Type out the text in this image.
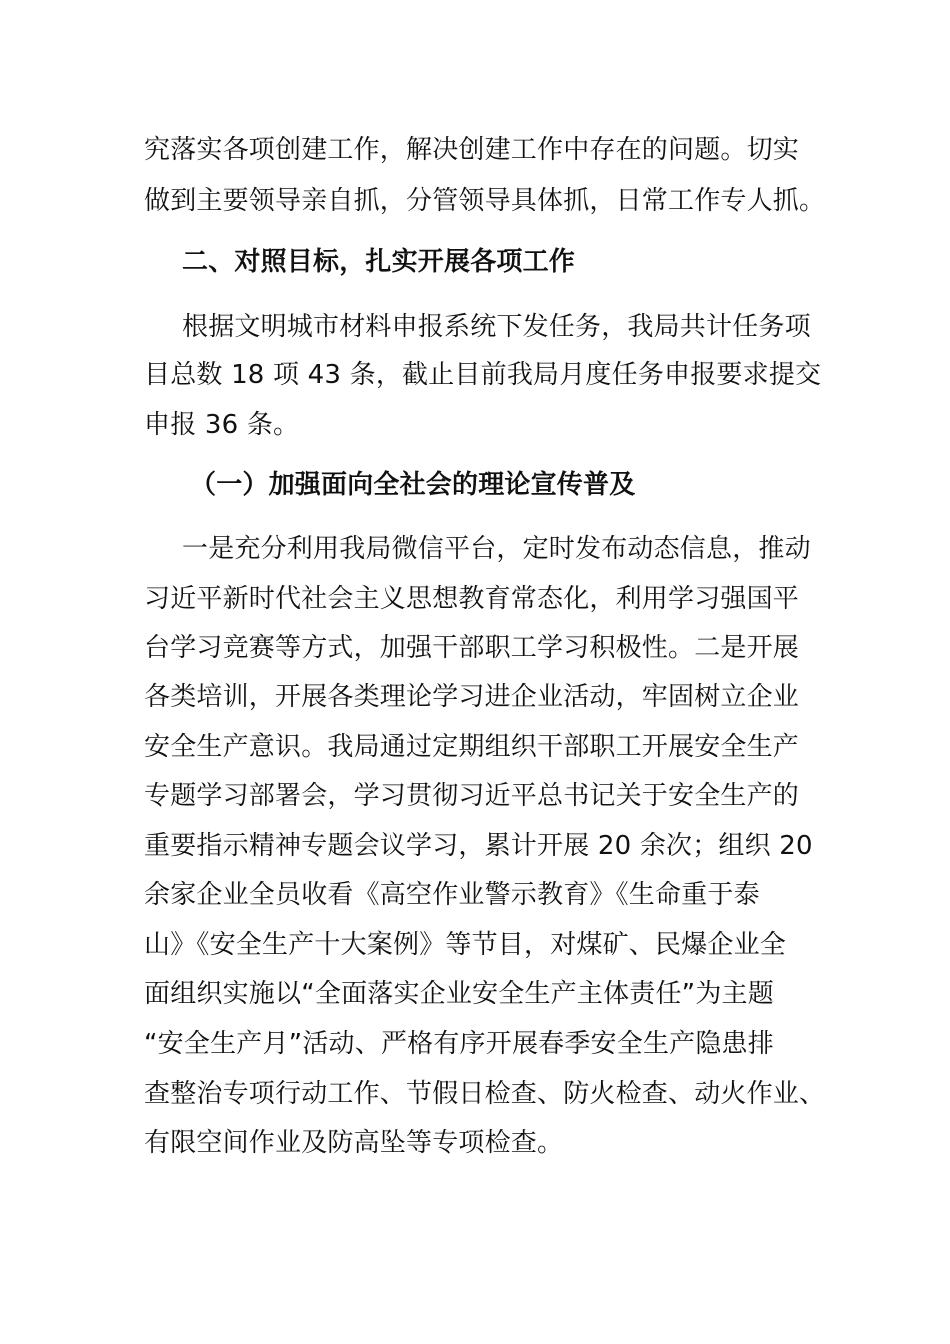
究落实各项创建工作，解决创建工作中存在的问题。切实
做到主要领导亲自抓，分管领导具体抓，日常工作专人抓。
二、对照目标，扎实开展各项工作
根据文明城市材料申报系统下发任务，我局共计任务项
目总数 18 项 43 条，截止目前我局月度任务申报要求提交
申报 36 条。
（一）加强面向全社会的理论宣传普及
一是充分利用我局微信平台，定时发布动态信息，推动
习近平新时代社会主义思想教育常态化，利用学习强国平
台学习竞赛等方式，加强干部职工学习积极性。二是开展
各类培训，开展各类理论学习进企业活动，牢固树立企业
安全生产意识。我局通过定期组织干部职工开展安全生产
专题学习部署会，学习贯彻习近平总书记关于安全生产的
重要指示精神专题会议学习，累计开展 20 余次；组织 20
余家企业全员收看《高空作业警示教育》《生命重于泰
山》《安全生产十大案例》等节目，对煤矿、民爆企业全
面组织实施以“全面落实企业安全生产主体责任”为主题
“安全生产月”活动、严格有序开展春季安全生产隐患排
查整治专项行动工作、节假日检查、防火检查、动火作业、
有限空间作业及防高坠等专项检查。
